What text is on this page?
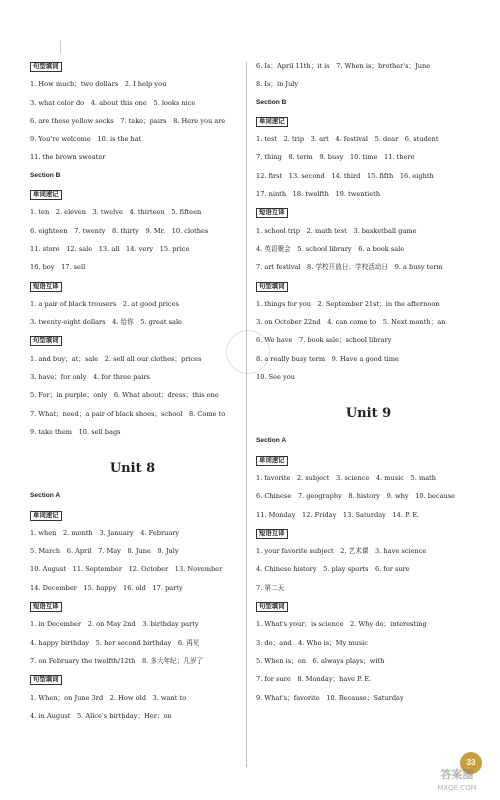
句型填词
1. How much；two dollars　2. I help you
3. what color do　4. about this one　5. looks nice
6. are these yellow socks　7. take；pairs　8. Here you are
9. You're welcome　10. is the hat
11. the brown sweater
Section B
单词速记
1. ten　2. eleven　3. twelve　4. thirteen　5. fifteen
6. eighteen　7. twenty　8. thirty　9. Mr.　10. clothes
11. store　12. sale　13. all　14. very　15. price
16. boy　17. sell
短语互译
1. a pair of black trousers　2. at good prices
3. twenty-eight dollars　4. 给你　5. great sale
句型填词
1. and buy；at；sale　2. sell all our clothes；prices
3. have；for only　4. for three pairs
5. For；in purple；only　6. What about；dress；this one
7. What；need；a pair of black shoes；school　8. Come to
9. take them　10. sell bags
Unit 8
Section A
单词速记
1. when　2. month　3. January　4. February
5. March　6. April　7. May　8. June　9. July
10. August　11. September　12. October　13. November
14. December　15. happy　16. old　17. party
短语互译
1. in December　2. on May 2nd　3. birthday party
4. happy birthday　5. her second birthday　6. 再见
7. on February the twelfth/12th　8. 多大年纪；几岁了
句型填词
1. When；on June 3rd　2. How old　3. want to
4. in August　5. Alice's birthday；Her；on
6. Is；April 11th；it is　7. When is；brother's；June
8. Is；in July
Section B
单词速记
1. test　2. trip　3. art　4. festival　5. dear　6. student
7. thing　8. term　9. busy　10. time　11. there
12. first　13. second　14. third　15. fifth　16. eighth
17. ninth　18. twelfth　19. twentieth
短语互译
1. school trip　2. math test　3. basketball game
4. 英语聚会　5. school library　6. a book sale
7. art festival　8. 学校开放日；学校活动日　9. a busy term
句型填词
1. things for you　2. September 21st；in the afternoon
3. on October 22nd　4. can come to　5. Next month；an
6. We have　7. book sale；school library
8. a really busy term　9. Have a good time
10. See you
Unit 9
Section A
单词速记
1. favorite　2. subject　3. science　4. music　5. math
6. Chinese　7. geography　8. history　9. why　10. because
11. Monday　12. Friday　13. Saturday　14. P. E.
短语互译
1. your favorite subject　2. 艺术课　3. have science
4. Chinese history　5. play sports　6. for sure
7. 第二天
句型填词
1. What's your；is science　2. Why do；interesting
3. do；and　4. Who is；My music
5. When is；on　6. always plays；with
7. for sure　8. Monday；have P. E.
9. What's；favorite　10. Because；Saturday
33
答案圈
MXQE.COM
